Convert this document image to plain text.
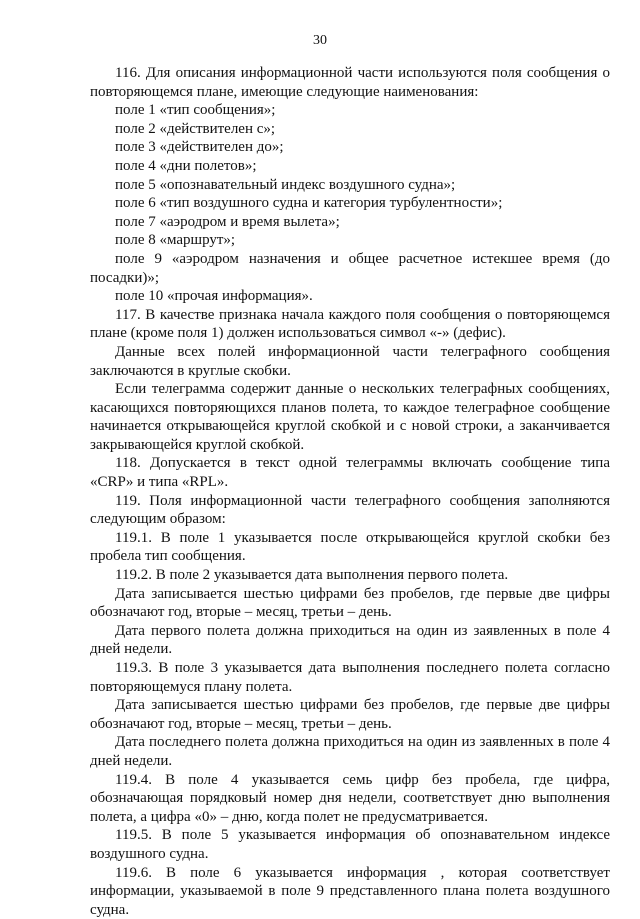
30

116. Для описания информационной части используются поля сообщения о повторяющемся плане, имеющие следующие наименования:

поле 1 «тип сообщения»;

поле 2 «действителен с»;

поле 3 «действителен до»;

поле 4 «дни полетов»;

поле 5 «опознавательный индекс воздушного судна»;

поле 6 «тип воздушного судна и категория турбулентности»;

поле 7 «аэродром и время вылета»;

поле 8 «маршрут»;

поле 9 «аэродром назначения и общее расчетное истекшее время (до посадки)»;

поле 10 «прочая информация».

117. В качестве признака начала каждого поля сообщения о повторяющемся плане (кроме поля 1) должен использоваться символ «-» (дефис).

Данные всех полей информационной части телеграфного сообщения заключаются в круглые скобки.

Если телеграмма содержит данные о нескольких телеграфных сообщениях, касающихся повторяющихся планов полета, то каждое телеграфное сообщение начинается открывающейся круглой скобкой и с новой строки, а заканчивается закрывающейся круглой скобкой.

118. Допускается в текст одной телеграммы включать сообщение типа «CRP» и типа «RPL».

119. Поля информационной части телеграфного сообщения заполняются следующим образом:

119.1. В поле 1 указывается после открывающейся круглой скобки без пробела тип сообщения.

119.2. В поле 2 указывается дата выполнения первого полета.

Дата записывается шестью цифрами без пробелов, где первые две цифры обозначают год, вторые – месяц, третьи – день.

Дата первого полета должна приходиться на один из заявленных в поле 4 дней недели.

119.3. В поле 3 указывается дата выполнения последнего полета согласно повторяющемуся плану полета.

Дата записывается шестью цифрами без пробелов, где первые две цифры обозначают год, вторые – месяц, третьи – день.

Дата последнего полета должна приходиться на один из заявленных в поле 4 дней недели.

119.4. В поле 4 указывается семь цифр без пробела, где цифра, обозначающая порядковый номер дня недели, соответствует дню выполнения полета, а цифра «0» – дню, когда полет не предусматривается.

119.5. В поле 5 указывается информация об опознавательном индексе воздушного судна.

119.6. В поле 6 указывается информация , которая соответствует информации, указываемой в поле 9 представленного плана полета воздушного судна.
